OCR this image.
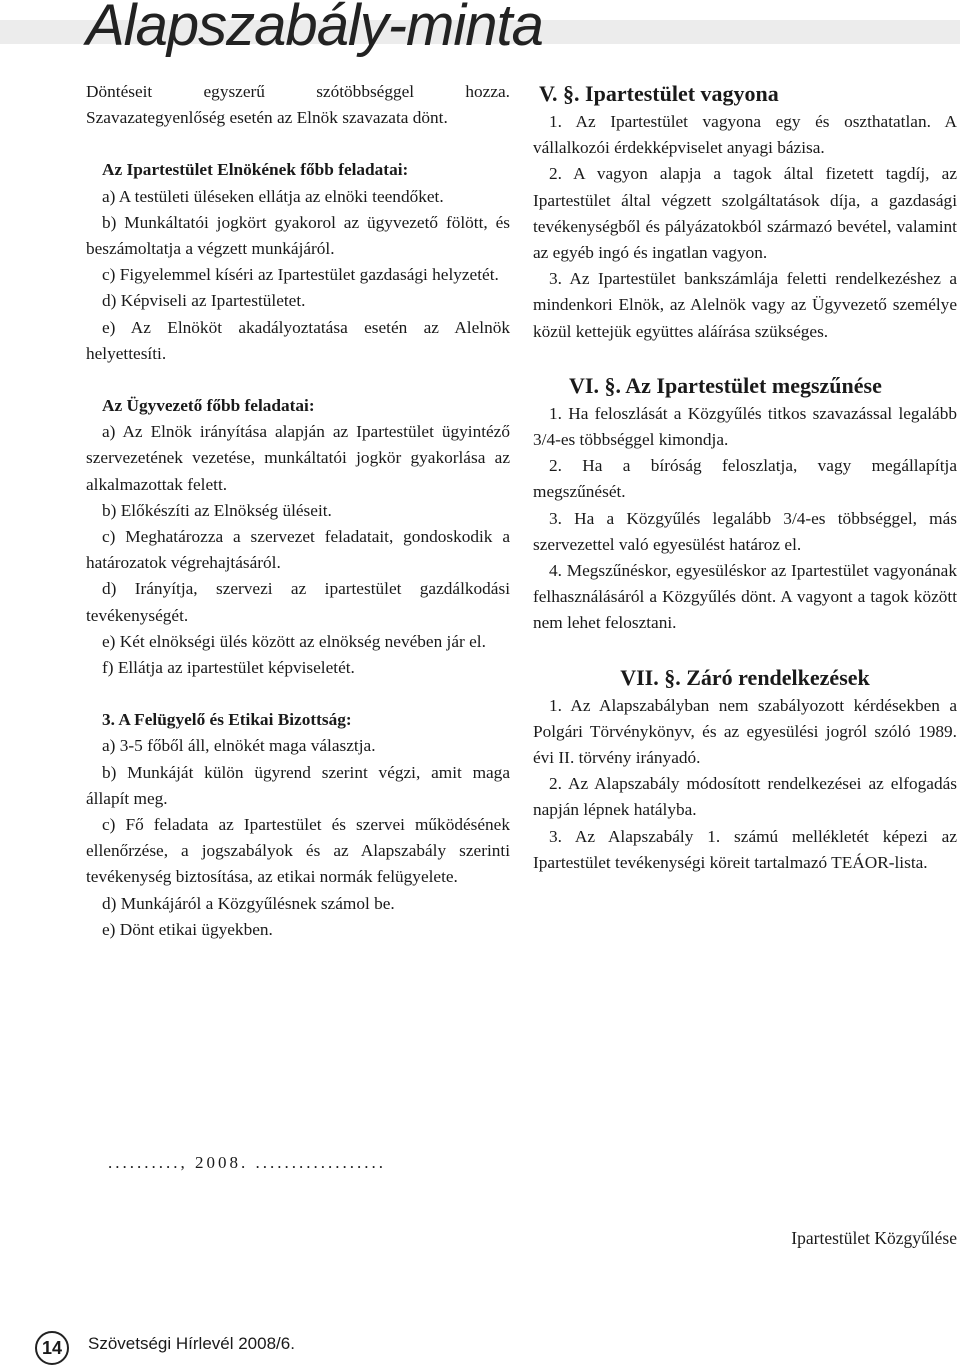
Alapszabály-minta

Döntéseit egyszerű szótöbbséggel hozza. Szavazategyenlőség esetén az Elnök szavazata dönt.

Az Ipartestület Elnökének főbb feladatai:

a) A testületi üléseken ellátja az elnöki teendőket.

b) Munkáltatói jogkört gyakorol az ügyvezető fölött, és beszámoltatja a végzett munkájáról.

c) Figyelemmel kíséri az Ipartestület gazdasági helyzetét.

d) Képviseli az Ipartestületet.

e) Az Elnököt akadályoztatása esetén az Alelnök helyettesíti.

Az Ügyvezető főbb feladatai:

a) Az Elnök irányítása alapján az Ipartestület ügyintéző szervezetének vezetése, munkáltatói jogkör gyakorlása az alkalmazottak felett.

b) Előkészíti az Elnökség üléseit.

c) Meghatározza a szervezet feladatait, gondoskodik a határozatok végrehajtásáról.

d) Irányítja, szervezi az ipartestület gazdálkodási tevékenységét.

e) Két elnökségi ülés között az elnökség nevében jár el.

f) Ellátja az ipartestület képviseletét.

3. A Felügyelő és Etikai Bizottság:

a) 3-5 főből áll, elnökét maga választja.

b) Munkáját külön ügyrend szerint végzi, amit maga állapít meg.

c) Fő feladata az Ipartestület és szervei működésének ellenőrzése, a jogszabályok és az Alapszabály szerinti tevékenység biztosítása, az etikai normák felügyelete.

d) Munkájáról a Közgyűlésnek számol be.

e) Dönt etikai ügyekben.

V. §. Ipartestület vagyona

1. Az Ipartestület vagyona egy és oszthatatlan. A vállalkozói érdekképviselet anyagi bázisa.

2. A vagyon alapja a tagok által fizetett tagdíj, az Ipartestület által végzett szolgáltatások díja, a gazdasági tevékenységből és pályázatokból származó bevétel, valamint az egyéb ingó és ingatlan vagyon.

3. Az Ipartestület bankszámlája feletti rendelkezéshez a mindenkori Elnök, az Alelnök vagy az Ügyvezető személye közül kettejük együttes aláírása szükséges.

VI. §. Az Ipartestület megszűnése

1. Ha feloszlását a Közgyűlés titkos szavazással legalább 3/4-es többséggel kimondja.

2. Ha a bíróság feloszlatja, vagy megállapítja megszűnését.

3. Ha a Közgyűlés legalább 3/4-es többséggel, más szervezettel való egyesülést határoz el.

4. Megszűnéskor, egyesüléskor az Ipartestület vagyonának felhasználásáról a Közgyűlés dönt. A vagyont a tagok között nem lehet felosztani.

VII. §. Záró rendelkezések

1. Az Alapszabályban nem szabályozott kérdésekben a Polgári Törvénykönyv, és az egyesülési jogról szóló 1989. évi II. törvény irányadó.

2. Az Alapszabály módosított rendelkezései az elfogadás napján lépnek hatályba.

3. Az Alapszabály 1. számú mellékletét képezi az Ipartestület tevékenységi köreit tartalmazó TEÁOR-lista.

.........., 2008. ..................
Ipartestület Közgyűlése
14	Szövetségi Hírlevél 2008/6.
